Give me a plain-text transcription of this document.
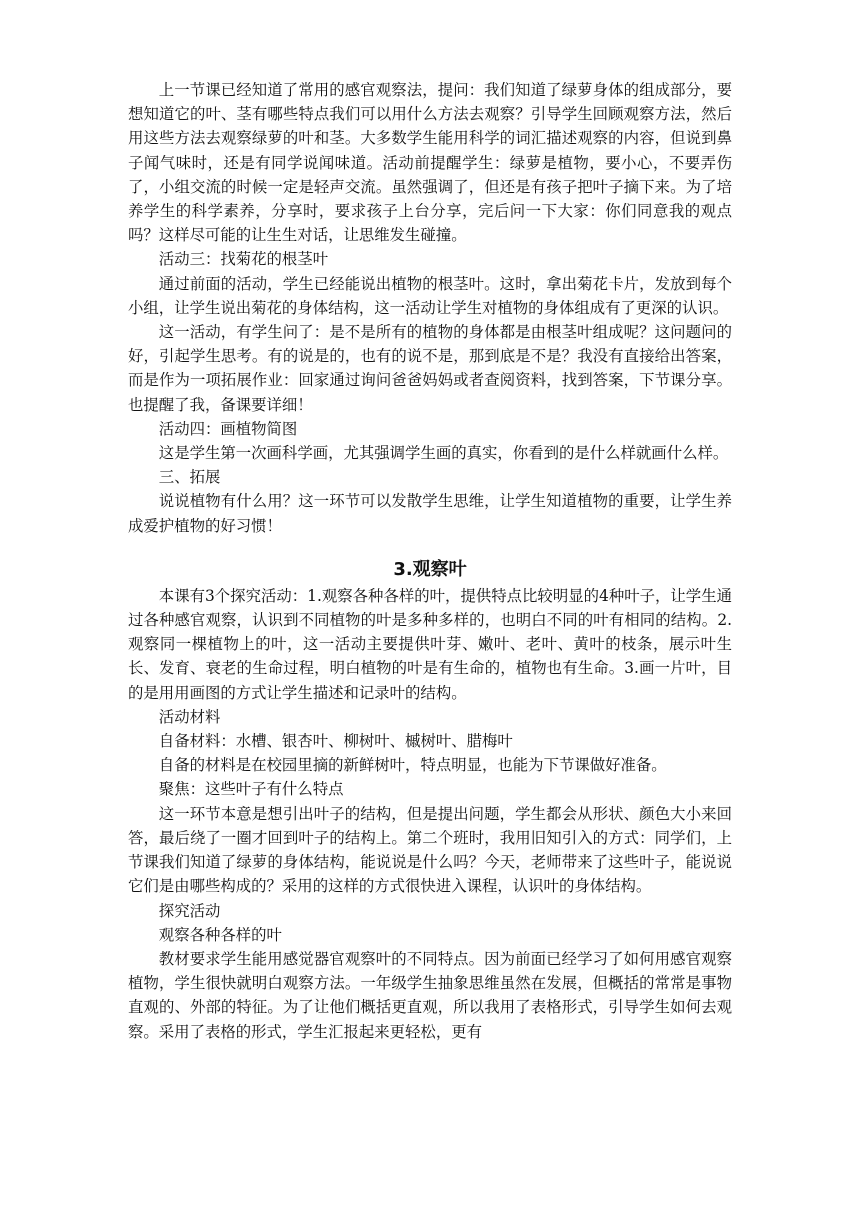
上一节课已经知道了常用的感官观察法，提问：我们知道了绿萝身体的组成部分，要想知道它的叶、茎有哪些特点我们可以用什么方法去观察？引导学生回顾观察方法，然后用这些方法去观察绿萝的叶和茎。大多数学生能用科学的词汇描述观察的内容，但说到鼻子闻气味时，还是有同学说闻味道。活动前提醒学生：绿萝是植物，要小心，不要弄伤了，小组交流的时候一定是轻声交流。虽然强调了，但还是有孩子把叶子摘下来。为了培养学生的科学素养，分享时，要求孩子上台分享，完后问一下大家：你们同意我的观点吗？这样尽可能的让生生对话，让思维发生碰撞。

活动三：找菊花的根茎叶

通过前面的活动，学生已经能说出植物的根茎叶。这时，拿出菊花卡片，发放到每个小组，让学生说出菊花的身体结构，这一活动让学生对植物的身体组成有了更深的认识。

这一活动，有学生问了：是不是所有的植物的身体都是由根茎叶组成呢？这问题问的好，引起学生思考。有的说是的，也有的说不是，那到底是不是？我没有直接给出答案，而是作为一项拓展作业：回家通过询问爸爸妈妈或者查阅资料，找到答案，下节课分享。也提醒了我，备课要详细！

活动四：画植物简图

这是学生第一次画科学画，尤其强调学生画的真实，你看到的是什么样就画什么样。

三、拓展

说说植物有什么用？这一环节可以发散学生思维，让学生知道植物的重要，让学生养成爱护植物的好习惯！

3.观察叶

本课有3个探究活动：1.观察各种各样的叶，提供特点比较明显的4种叶子，让学生通过各种感官观察，认识到不同植物的叶是多种多样的，也明白不同的叶有相同的结构。2.观察同一棵植物上的叶，这一活动主要提供叶芽、嫩叶、老叶、黄叶的枝条，展示叶生长、发育、衰老的生命过程，明白植物的叶是有生命的，植物也有生命。3.画一片叶，目的是用用画图的方式让学生描述和记录叶的结构。

活动材料

自备材料：水槽、银杏叶、柳树叶、槭树叶、腊梅叶

自备的材料是在校园里摘的新鲜树叶，特点明显，也能为下节课做好准备。

聚焦：这些叶子有什么特点

这一环节本意是想引出叶子的结构，但是提出问题，学生都会从形状、颜色大小来回答，最后绕了一圈才回到叶子的结构上。第二个班时，我用旧知引入的方式：同学们，上节课我们知道了绿萝的身体结构，能说说是什么吗？今天，老师带来了这些叶子，能说说它们是由哪些构成的？采用的这样的方式很快进入课程，认识叶的身体结构。

探究活动

观察各种各样的叶

教材要求学生能用感觉器官观察叶的不同特点。因为前面已经学习了如何用感官观察植物，学生很快就明白观察方法。一年级学生抽象思维虽然在发展，但概括的常常是事物直观的、外部的特征。为了让他们概括更直观，所以我用了表格形式，引导学生如何去观察。采用了表格的形式，学生汇报起来更轻松，更有
